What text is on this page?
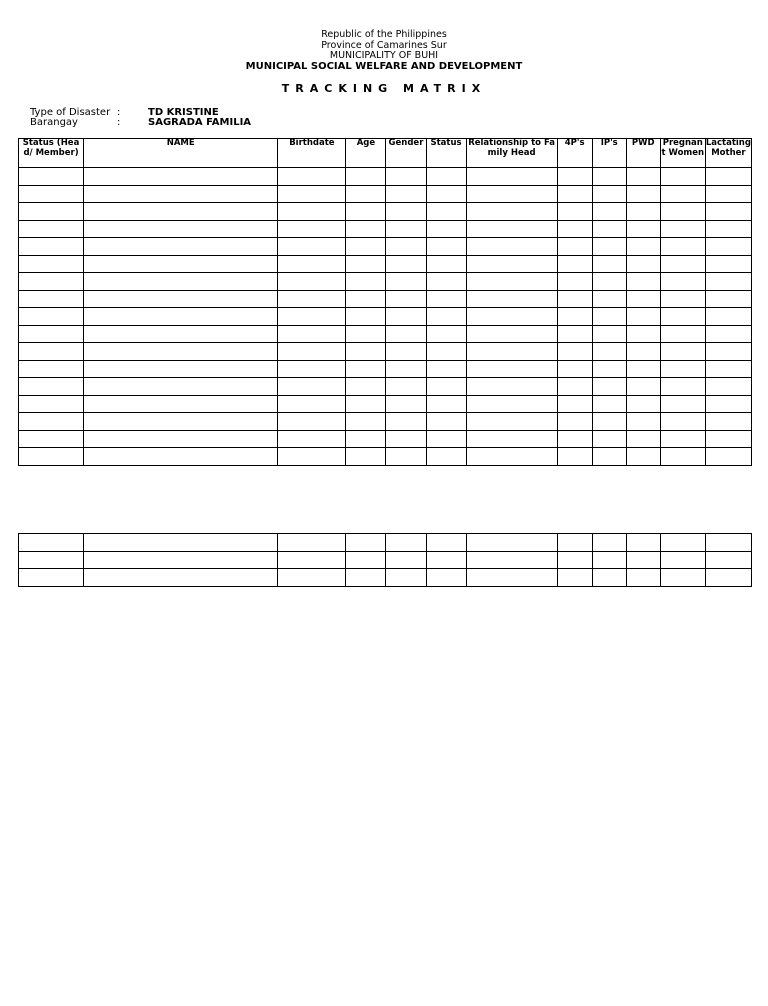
Republic of the Philippines
Province of Camarines Sur
MUNICIPALITY OF BUHI
MUNICIPAL SOCIAL WELFARE AND DEVELOPMENT
TRACKING MATRIX
Type of Disaster :	TD KRISTINE
Barangay	:	SAGRADA FAMILIA
Status (Head/ Member)	NAME	Birthdate	Age	Gender	Status	Relationship to Family Head	4P's	IP's	PWD	Pregnant Women	Lactating Mother
